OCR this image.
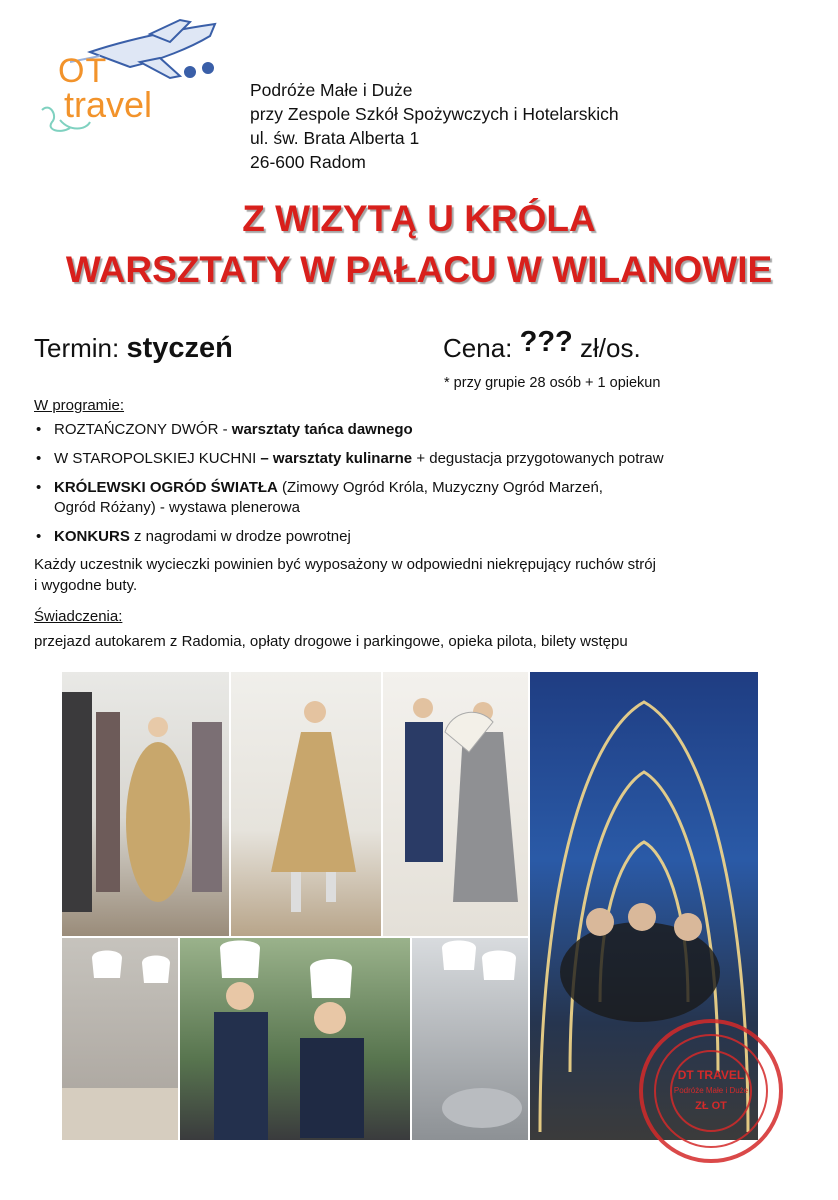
OT
travel	Podróże Małe i Duże
przy Zespole Szkół Spożywczych i Hotelarskich
ul. św. Brata Alberta 1
26-600 Radom
Z WIZYTĄ U KRÓLA
WARSZTATY W PAŁACU W WILANOWIE
Termin: styczeń	Cena: ??? zł/os.
* przy grupie 28 osób + 1 opiekun
W programie:
• ROZTAŃCZONY DWÓR - warsztaty tańca dawnego
• W STAROPOLSKIEJ KUCHNI – warsztaty kulinarne + degustacja przygotowanych potraw
• KRÓLEWSKI OGRÓD ŚWIATŁA (Zimowy Ogród Króla, Muzyczny Ogród Marzeń,
Ogród Różany) - wystawa plenerowa
• KONKURS z nagrodami w drodze powrotnej
Każdy uczestnik wycieczki powinien być wyposażony w odpowiedni niekrępujący ruchów strój
i wygodne buty.
Świadczenia:
przejazd autokarem z Radomia, opłaty drogowe i parkingowe, opieka pilota, bilety wstępu
DT TRAVEL
Podróże Małe i Duże
ZŁ OT
